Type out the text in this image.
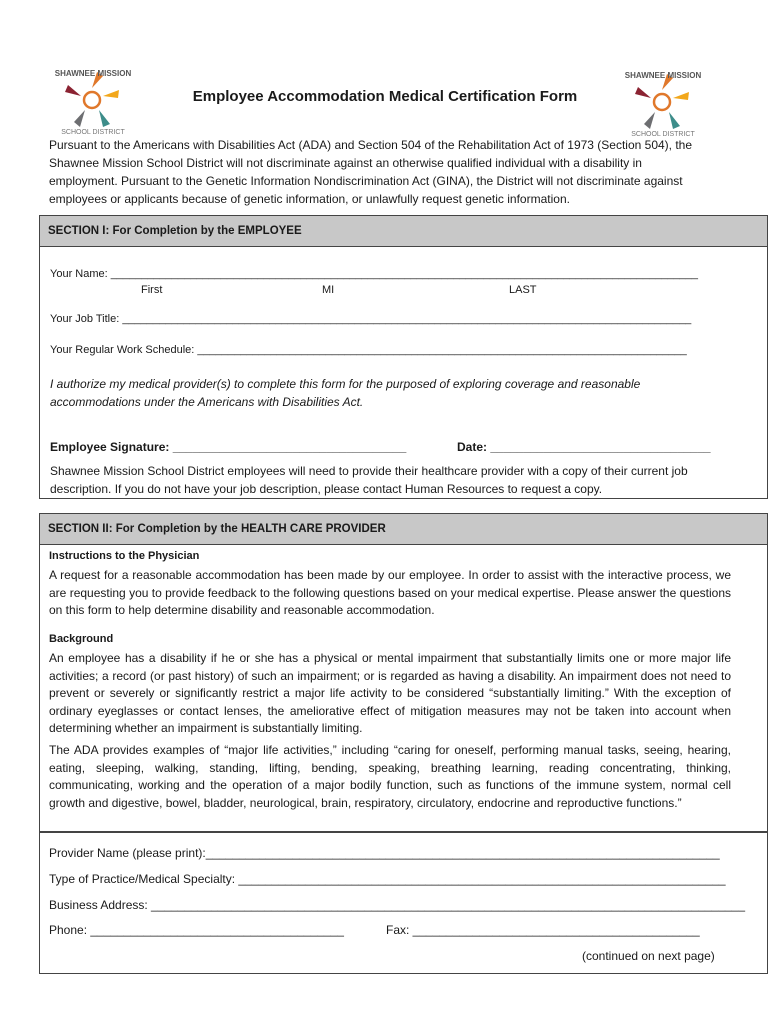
SHAWNEE MISSION
SCHOOL DISTRICT
SHAWNEE MISSION
SCHOOL DISTRICT
Employee Accommodation Medical Certification Form
Pursuant to the Americans with Disabilities Act (ADA) and Section 504 of the Rehabilitation Act of 1973 (Section 504), the Shawnee Mission School District will not discriminate against an otherwise qualified individual with a disability in employment. Pursuant to the Genetic Information Nondiscrimination Act (GINA), the District will not discriminate against employees or applicants because of genetic information, or unlawfully request genetic information.
SECTION I: For Completion by the EMPLOYEE
Your Name: ________________________________________________________________________________________________
First	MI	LAST
Your Job Title: _____________________________________________________________________________________________
Your Regular Work Schedule: ________________________________________________________________________________
I authorize my medical provider(s) to complete this form for the purposed of exploring coverage and reasonable accommodations under the Americans with Disabilities Act.
Employee Signature: ___________________________________	Date: _________________________________
Shawnee Mission School District employees will need to provide their healthcare provider with a copy of their current job description. If you do not have your job description, please contact Human Resources to request a copy.
SECTION II: For Completion by the HEALTH CARE PROVIDER
Instructions to the Physician
A request for a reasonable accommodation has been made by our employee. In order to assist with the interactive process, we are requesting you to provide feedback to the following questions based on your medical expertise. Please answer the questions on this form to help determine disability and reasonable accommodation.
Background
An employee has a disability if he or she has a physical or mental impairment that substantially limits one or more major life activities; a record (or past history) of such an impairment; or is regarded as having a disability. An impairment does not need to prevent or severely or significantly restrict a major life activity to be considered “substantially limiting.” With the exception of ordinary eyeglasses or contact lenses, the ameliorative effect of mitigation measures may not be taken into account when determining whether an impairment is substantially limiting.
The ADA provides examples of “major life activities,” including “caring for oneself, performing manual tasks, seeing, hearing, eating, sleeping, walking, standing, lifting, bending, speaking, breathing learning, reading concentrating, thinking, communicating, working and the operation of a major bodily function, such as functions of the immune system, normal cell growth and digestive, bowel, bladder, neurological, brain, respiratory, circulatory, endocrine and reproductive functions.”
Provider Name (please print):_____________________________________________________________________________
Type of Practice/Medical Specialty: _________________________________________________________________________
Business Address: _________________________________________________________________________________________
Phone: ______________________________________	Fax: ___________________________________________
(continued on next page)
